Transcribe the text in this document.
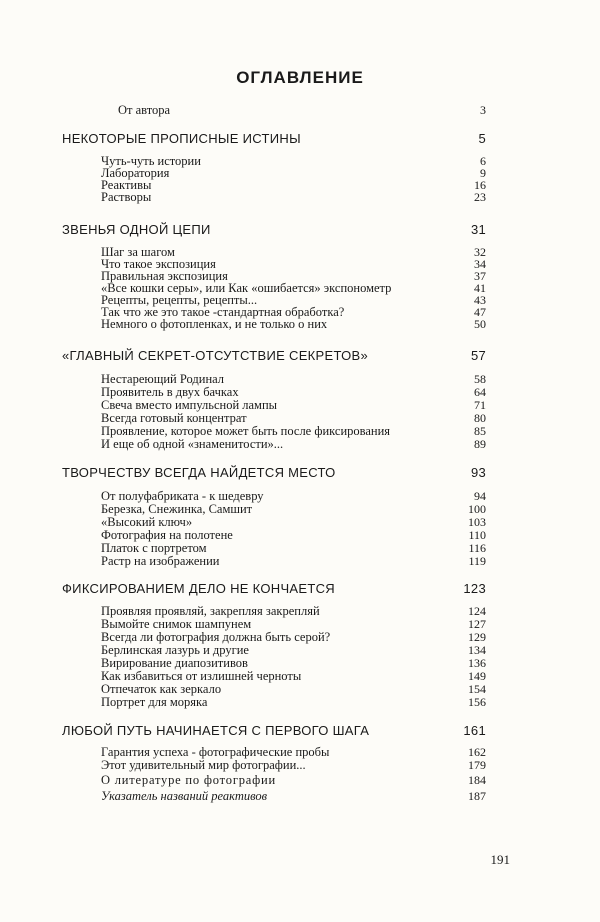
ОГЛАВЛЕНИЕ
От автора	3
НЕКОТОРЫЕ ПРОПИСНЫЕ ИСТИНЫ	5
Чуть-чуть истории	6
Лаборатория	9
Реактивы	16
Растворы	23
ЗВЕНЬЯ ОДНОЙ ЦЕПИ	31
Шаг за шагом	32
Что такое экспозиция	34
Правильная экспозиция	37
«Все кошки серы», или Как «ошибается» экспонометр	41
Рецепты, рецепты, рецепты...	43
Так что же это такое -стандартная обработка?	47
Немного о фотопленках, и не только о них	50
«ГЛАВНЫЙ СЕКРЕТ-ОТСУТСТВИЕ СЕКРЕТОВ»	57
Нестареющий Родинал	58
Проявитель в двух бачках	64
Свеча вместо импульсной лампы	71
Всегда готовый концентрат	80
Проявление, которое может быть после фиксирования	85
И еще об одной «знаменитости»...	89
ТВОРЧЕСТВУ ВСЕГДА НАЙДЕТСЯ МЕСТО	93
От полуфабриката - к шедевру	94
Березка, Снежинка, Самшит	100
«Высокий ключ»	103
Фотография на полотене	110
Платок с портретом	116
Растр на изображении	119
ФИКСИРОВАНИЕМ ДЕЛО НЕ КОНЧАЕТСЯ	123
Проявляя проявляй, закрепляя закрепляй	124
Вымойте снимок шампунем	127
Всегда ли фотография должна быть серой?	129
Берлинская лазурь и другие	134
Вирирование диапозитивов	136
Как избавиться от излишней черноты	149
Отпечаток как зеркало	154
Портрет для моряка	156
ЛЮБОЙ ПУТЬ НАЧИНАЕТСЯ С ПЕРВОГО ШАГА	161
Гарантия успеха - фотографические пробы	162
Этот удивительный мир фотографии...	179
О литературе по фотографии	184
Указатель названий реактивов	187
191
